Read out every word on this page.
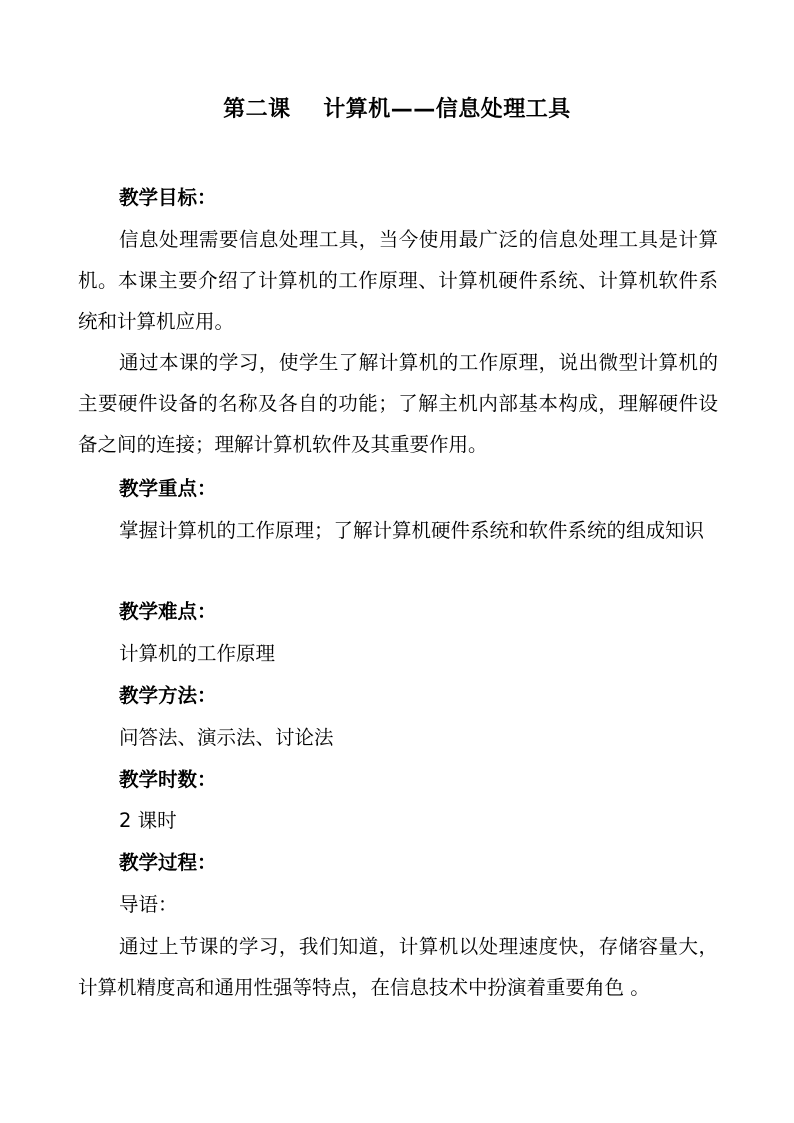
第二课    计算机——信息处理工具
教学目标：
信息处理需要信息处理工具，当今使用最广泛的信息处理工具是计算机。本课主要介绍了计算机的工作原理、计算机硬件系统、计算机软件系统和计算机应用。
通过本课的学习，使学生了解计算机的工作原理，说出微型计算机的主要硬件设备的名称及各自的功能；了解主机内部基本构成，理解硬件设备之间的连接；理解计算机软件及其重要作用。
教学重点：
掌握计算机的工作原理；了解计算机硬件系统和软件系统的组成知识
教学难点：
计算机的工作原理
教学方法：
问答法、演示法、讨论法
教学时数：
2 课时
教学过程：
导语：
通过上节课的学习，我们知道，计算机以处理速度快，存储容量大，计算机精度高和通用性强等特点，在信息技术中扮演着重要角色 。
